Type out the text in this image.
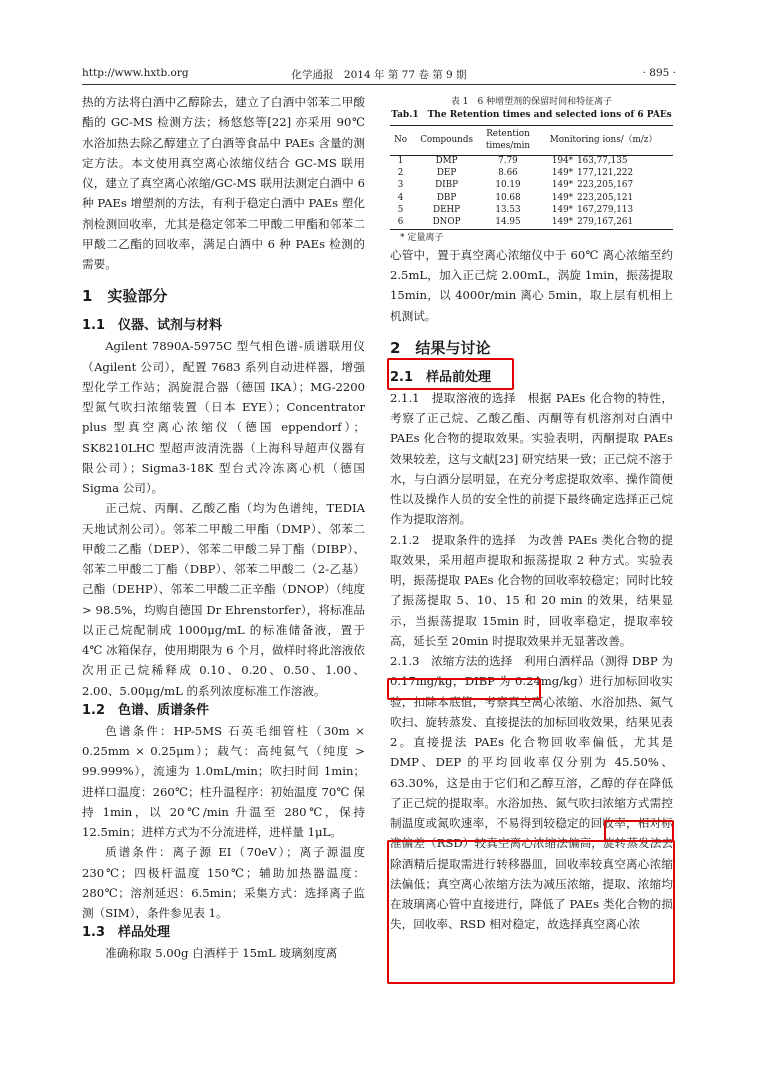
http://www.hxtb.org	化学通报　2014 年 第 77 卷 第 9 期	· 895 ·

热的方法将白酒中乙醇除去，建立了白酒中邻苯二甲酸酯的 GC-MS 检测方法；杨悠悠等[22] 亦采用 90℃ 水浴加热去除乙醇建立了白酒等食品中 PAEs 含量的测定方法。本文使用真空离心浓缩仪结合 GC-MS 联用仪，建立了真空离心浓缩/GC-MS 联用法测定白酒中 6 种 PAEs 增塑剂的方法，有利于稳定白酒中 PAEs 塑化剂检测回收率，尤其是稳定邻苯二甲酸二甲酯和邻苯二甲酸二乙酯的回收率，满足白酒中 6 种 PAEs 检测的需要。

1　实验部分
1.1　仪器、试剂与材料

Agilent 7890A-5975C 型气相色谱-质谱联用仪（Agilent 公司），配置 7683 系列自动进样器，增强型化学工作站；涡旋混合器（德国 IKA）；MG-2200 型氮气吹扫浓缩装置（日本 EYE）；Concentrator plus 型真空离心浓缩仪（德国 eppendorf）；SK8210LHC 型超声波清洗器（上海科导超声仪器有限公司）；Sigma3-18K 型台式冷冻离心机（德国 Sigma 公司）。

正己烷、丙酮、乙酸乙酯（均为色谱纯，TEDIA 天地试剂公司）。邻苯二甲酸二甲酯（DMP）、邻苯二甲酸二乙酯（DEP）、邻苯二甲酸二异丁酯（DIBP）、邻苯二甲酸二丁酯（DBP）、邻苯二甲酸二（2-乙基）己酯（DEHP）、邻苯二甲酸二正辛酯（DNOP）（纯度 > 98.5%，均购自德国 Dr Ehrenstorfer），将标准品以正己烷配制成 1000μg/mL 的标准储备液，置于 4℃ 冰箱保存，使用期限为 6 个月，做样时将此溶液依次用正己烷稀释成 0.10、0.20、0.50、1.00、2.00、5.00μg/mL 的系列浓度标准工作溶液。

1.2　色谱、质谱条件

色谱条件：HP-5MS 石英毛细管柱（30m × 0.25mm × 0.25μm）；载气：高纯氦气（纯度 > 99.999%），流速为 1.0mL/min；吹扫时间 1min；进样口温度：260℃；柱升温程序：初始温度 70℃ 保持 1min，以 20℃/min 升温至 280℃，保持 12.5min；进样方式为不分流进样，进样量 1μL。

质谱条件：离子源 EI（70eV）；离子源温度 230℃；四极杆温度 150℃；辅助加热器温度：280℃；溶剂延迟：6.5min；采集方式：选择离子监测（SIM），条件参见表 1。

1.3　样品处理

准确称取 5.00g 白酒样于 15mL 玻璃刻度离

表 1　6 种增塑剂的保留时间和特征离子
Tab.1　The Retention times and selected ions of 6 PAEs
No	Compounds	Retention times/min	Monitoring ions/（m/z）	
1	DMP	7.79	194*	163,77,135
2	DEP	8.66	149*	177,121,222
3	DIBP	10.19	149*	223,205,167
4	DBP	10.68	149*	223,205,121
5	DEHP	13.53	149*	167,279,113
6	DNOP	14.95	149*	279,167,261
* 定量离子

心管中，置于真空离心浓缩仪中于 60℃ 离心浓缩至约 2.5mL，加入正己烷 2.00mL，涡旋 1min，振荡提取 15min，以 4000r/min 离心 5min，取上层有机相上机测试。

2　结果与讨论
2.1　样品前处理

2.1.1　提取溶液的选择　根据 PAEs 化合物的特性，考察了正己烷、乙酸乙酯、丙酮等有机溶剂对白酒中 PAEs 化合物的提取效果。实验表明，丙酮提取 PAEs 效果较差，这与文献[23] 研究结果一致；正己烷不溶于水，与白酒分层明显，在充分考虑提取效率、操作简便性以及操作人员的安全性的前提下最终确定选择正己烷作为提取溶剂。

2.1.2　提取条件的选择　为改善 PAEs 类化合物的提取效果，采用超声提取和振荡提取 2 种方式。实验表明，振荡提取 PAEs 化合物的回收率较稳定；同时比较了振荡提取 5、10、15 和 20 min 的效果，结果显示，当振荡提取 15min 时，回收率稳定，提取率较高，延长至 20min 时提取效果并无显著改善。

2.1.3　浓缩方法的选择　利用白酒样品（测得 DBP 为 0.17mg/kg，DIBP 为 0.24mg/kg）进行加标回收实验，扣除本底值，考察真空离心浓缩、水浴加热、氮气吹扫、旋转蒸发、直接提法的加标回收效果，结果见表 2。直接提法 PAEs 化合物回收率偏低，尤其是 DMP、DEP 的平均回收率仅分别为 45.50%、63.30%，这是由于它们和乙醇互溶，乙醇的存在降低了正己烷的提取率。水浴加热、氮气吹扫浓缩方式需控制温度或氮吹速率，不易得到较稳定的回收率，相对标准偏差（RSD）较真空离心浓缩法偏高，旋转蒸发法去除酒精后提取需进行转移器皿，回收率较真空离心浓缩法偏低；真空离心浓缩方法为减压浓缩，提取、浓缩均在玻璃离心管中直接进行，降低了 PAEs 类化合物的损失，回收率、RSD 相对稳定，故选择真空离心浓
